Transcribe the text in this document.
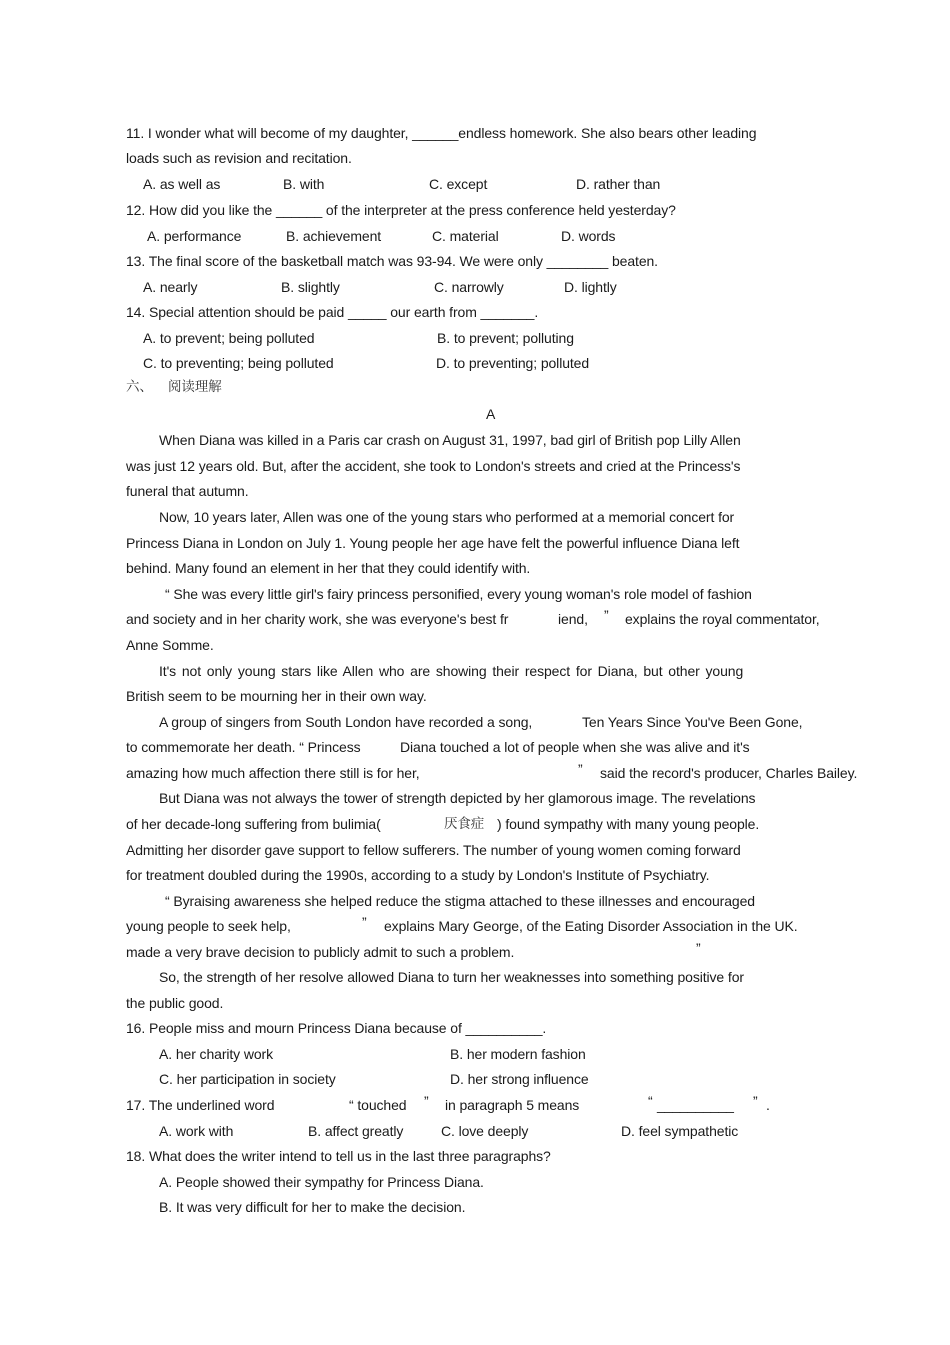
11. I wonder what will become of my daughter, ______endless homework. She also bears other leading
loads such as revision and recitation.
A. as well as	B. with	C. except	D. rather than
12. How did you like the ______ of the interpreter at the press conference held yesterday?
A. performance	B. achievement	C. material	D. words
13. The final score of the basketball match was 93-94. We were only ________ beaten.
A. nearly	B. slightly	C. narrowly	D. lightly
14. Special attention should be paid _____ our earth from _______.
A. to prevent; being polluted	B. to prevent; polluting
C. to preventing; being polluted	D. to preventing; polluted
六、 阅读理解
A
When Diana was killed in a Paris car crash on August 31, 1997, bad girl of British pop Lilly Allen
was just 12 years old. But, after the accident, she took to London's streets and cried at the Princess's
funeral that autumn.
Now, 10 years later, Allen was one of the young stars who performed at a memorial concert for
Princess Diana in London on July 1. Young people her age have felt the powerful influence Diana left
behind. Many found an element in her that they could identify with.
“ She was every little girl's fairy princess personified, every young woman's role model of fashion
and society and in her charity work, she was everyone's best fr	iend, ” explains the royal commentator,
Anne Somme.
It's not only young stars like Allen who are showing their respect for Diana, but other young
British seem to be mourning her in their own way.
A group of singers from South London have recorded a song,	Ten Years Since You've Been Gone,
to commemorate her death. “ Princess	Diana touched a lot of people when she was alive and it's
amazing how much affection there still is for her,	” said the record's producer, Charles Bailey.
But Diana was not always the tower of strength depicted by her glamorous image. The revelations
of her decade-long suffering from bulimia(	厌食症 ) found sympathy with many young people.
Admitting her disorder gave support to fellow sufferers. The number of young women coming forward
for treatment doubled during the 1990s, according to a study by London's Institute of Psychiatry.
“ Byraising awareness she helped reduce the stigma attached to these illnesses and encouraged
young people to seek help,	” explains Mary George, of the Eating Disorder Association in the UK.
made a very brave decision to publicly admit to such a problem.	”
So, the strength of her resolve allowed Diana to turn her weaknesses into something positive for
the public good.
16. People miss and mourn Princess Diana because of __________.
A. her charity work	B. her modern fashion
C. her participation in society	D. her strong influence
17. The underlined word	“ touched ” in paragraph 5 means	“ __________ ” .
A. work with	B. affect greatly	C. love deeply	D. feel sympathetic
18. What does the writer intend to tell us in the last three paragraphs?
A. People showed their sympathy for Princess Diana.
B. It was very difficult for her to make the decision.
